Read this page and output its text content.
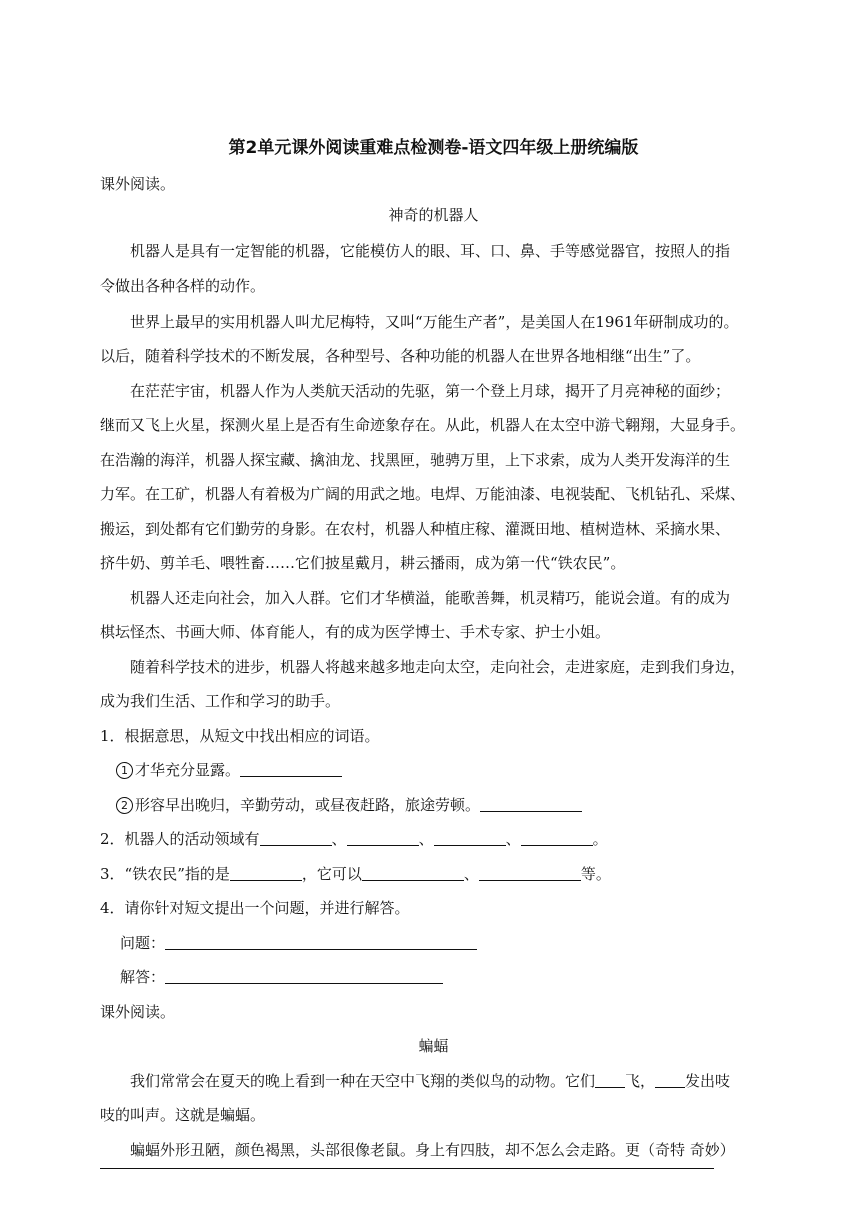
第2单元课外阅读重难点检测卷-语文四年级上册统编版
课外阅读。
神奇的机器人
机器人是具有一定智能的机器，它能模仿人的眼、耳、口、鼻、手等感觉器官，按照人的指
令做出各种各样的动作。
世界上最早的实用机器人叫尤尼梅特，又叫“万能生产者”，是美国人在1961年研制成功的。
以后，随着科学技术的不断发展，各种型号、各种功能的机器人在世界各地相继“出生”了。
在茫茫宇宙，机器人作为人类航天活动的先驱，第一个登上月球，揭开了月亮神秘的面纱；
继而又飞上火星，探测火星上是否有生命迹象存在。从此，机器人在太空中游弋翱翔，大显身手。
在浩瀚的海洋，机器人探宝藏、擒油龙、找黑匣，驰骋万里，上下求索，成为人类开发海洋的生
力军。在工矿，机器人有着极为广阔的用武之地。电焊、万能油漆、电视装配、飞机钻孔、采煤、
搬运，到处都有它们勤劳的身影。在农村，机器人种植庄稼、灌溉田地、植树造林、采摘水果、
挤牛奶、剪羊毛、喂牲畜……它们披星戴月，耕云播雨，成为第一代“铁农民”。
机器人还走向社会，加入人群。它们才华横溢，能歌善舞，机灵精巧，能说会道。有的成为
棋坛怪杰、书画大师、体育能人，有的成为医学博士、手术专家、护士小姐。
随着科学技术的进步，机器人将越来越多地走向太空，走向社会，走进家庭，走到我们身边，
成为我们生活、工作和学习的助手。
1．根据意思，从短文中找出相应的词语。
1 才华充分显露。
2 形容早出晚归，辛勤劳动，或昼夜赶路，旅途劳顿。
2．机器人的活动领域有	、	、	、	。
3．“铁农民”指的是	，它可以	、	等。
4．请你针对短文提出一个问题，并进行解答。
问题：
解答：
课外阅读。
蝙蝠
我们常常会在夏天的晚上看到一种在天空中飞翔的类似鸟的动物。它们 飞， 发出吱
吱的叫声。这就是蝙蝠。
蝙蝠外形丑陋，颜色褐黑，头部很像老鼠。身上有四肢，却不怎么会走路。更（奇特 奇妙）
